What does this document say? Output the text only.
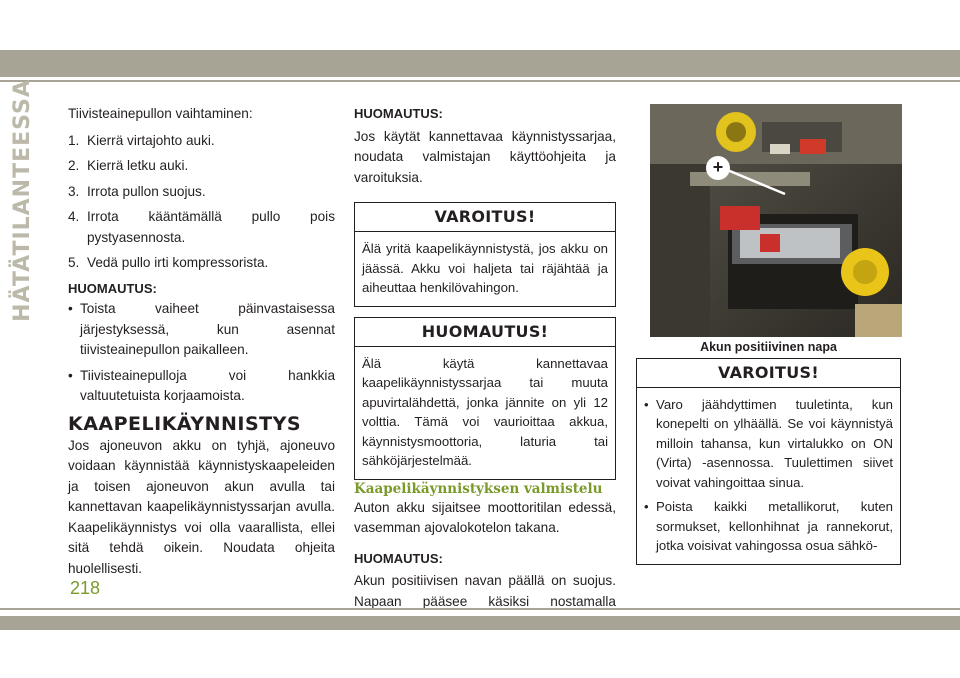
HÄTÄTILANTEESSA Tiivisteainepullon vaihtaminen:

1. Kierrä virtajohto auki.
2. Kierrä letku auki.
3. Irrota pullon suojus.
4. Irrota kääntämällä pullo pois pystyasennosta.
5. Vedä pullo irti kompressorista.

HUOMAUTUS:

• Toista vaiheet päinvastaisessa järjestyksessä, kun asennat tiivisteainepullon paikalleen.
• Tiivisteainepulloja voi hankkia valtuutetuista korjaamoista.

KAAPELIKÄYNNISTYS

Jos ajoneuvon akku on tyhjä, ajoneuvo voidaan käynnistää käynnistyskaapeleiden ja toisen ajoneuvon akun avulla tai kannettavan kaapelikäynnistyssarjan avulla. Kaapelikäynnistys voi olla vaarallista, ellei sitä tehdä oikein. Noudata ohjeita huolellisesti.

HUOMAUTUS:

Jos käytät kannettavaa käynnistyssarjaa, noudata valmistajan käyttöohjeita ja varoituksia.

VAROITUS!
Älä yritä kaapelikäynnistystä, jos akku on jäässä. Akku voi haljeta tai räjähtää ja aiheuttaa henkilövahingon.
HUOMAUTUS!
Älä käytä kannettavaa kaapelikäynnistyssarjaa tai muuta apuvirtalähdettä, jonka jännite on yli 12 volttia. Tämä voi vaurioittaa akkua, käynnistysmoottoria, laturia tai sähköjärjestelmää.

Kaapelikäynnistyksen valmistelu

Auton akku sijaitsee moottoritilan edessä, vasemman ajovalokotelon takana.

HUOMAUTUS:

Akun positiivisen navan päällä on suojus. Napaan pääsee käsiksi nostamalla

+

Akun positiivinen napa

VAROITUS!
• Varo jäähdyttimen tuuletinta, kun konepelti on ylhäällä. Se voi käynnistyä milloin tahansa, kun virtalukko on ON (Virta) -asennossa. Tuulettimen siivet voivat vahingoittaa sinua.
• Poista kaikki metallikorut, kuten sormukset, kellonhihnat ja rannekorut, jotka voisivat vahingossa osua sähkö-
218
